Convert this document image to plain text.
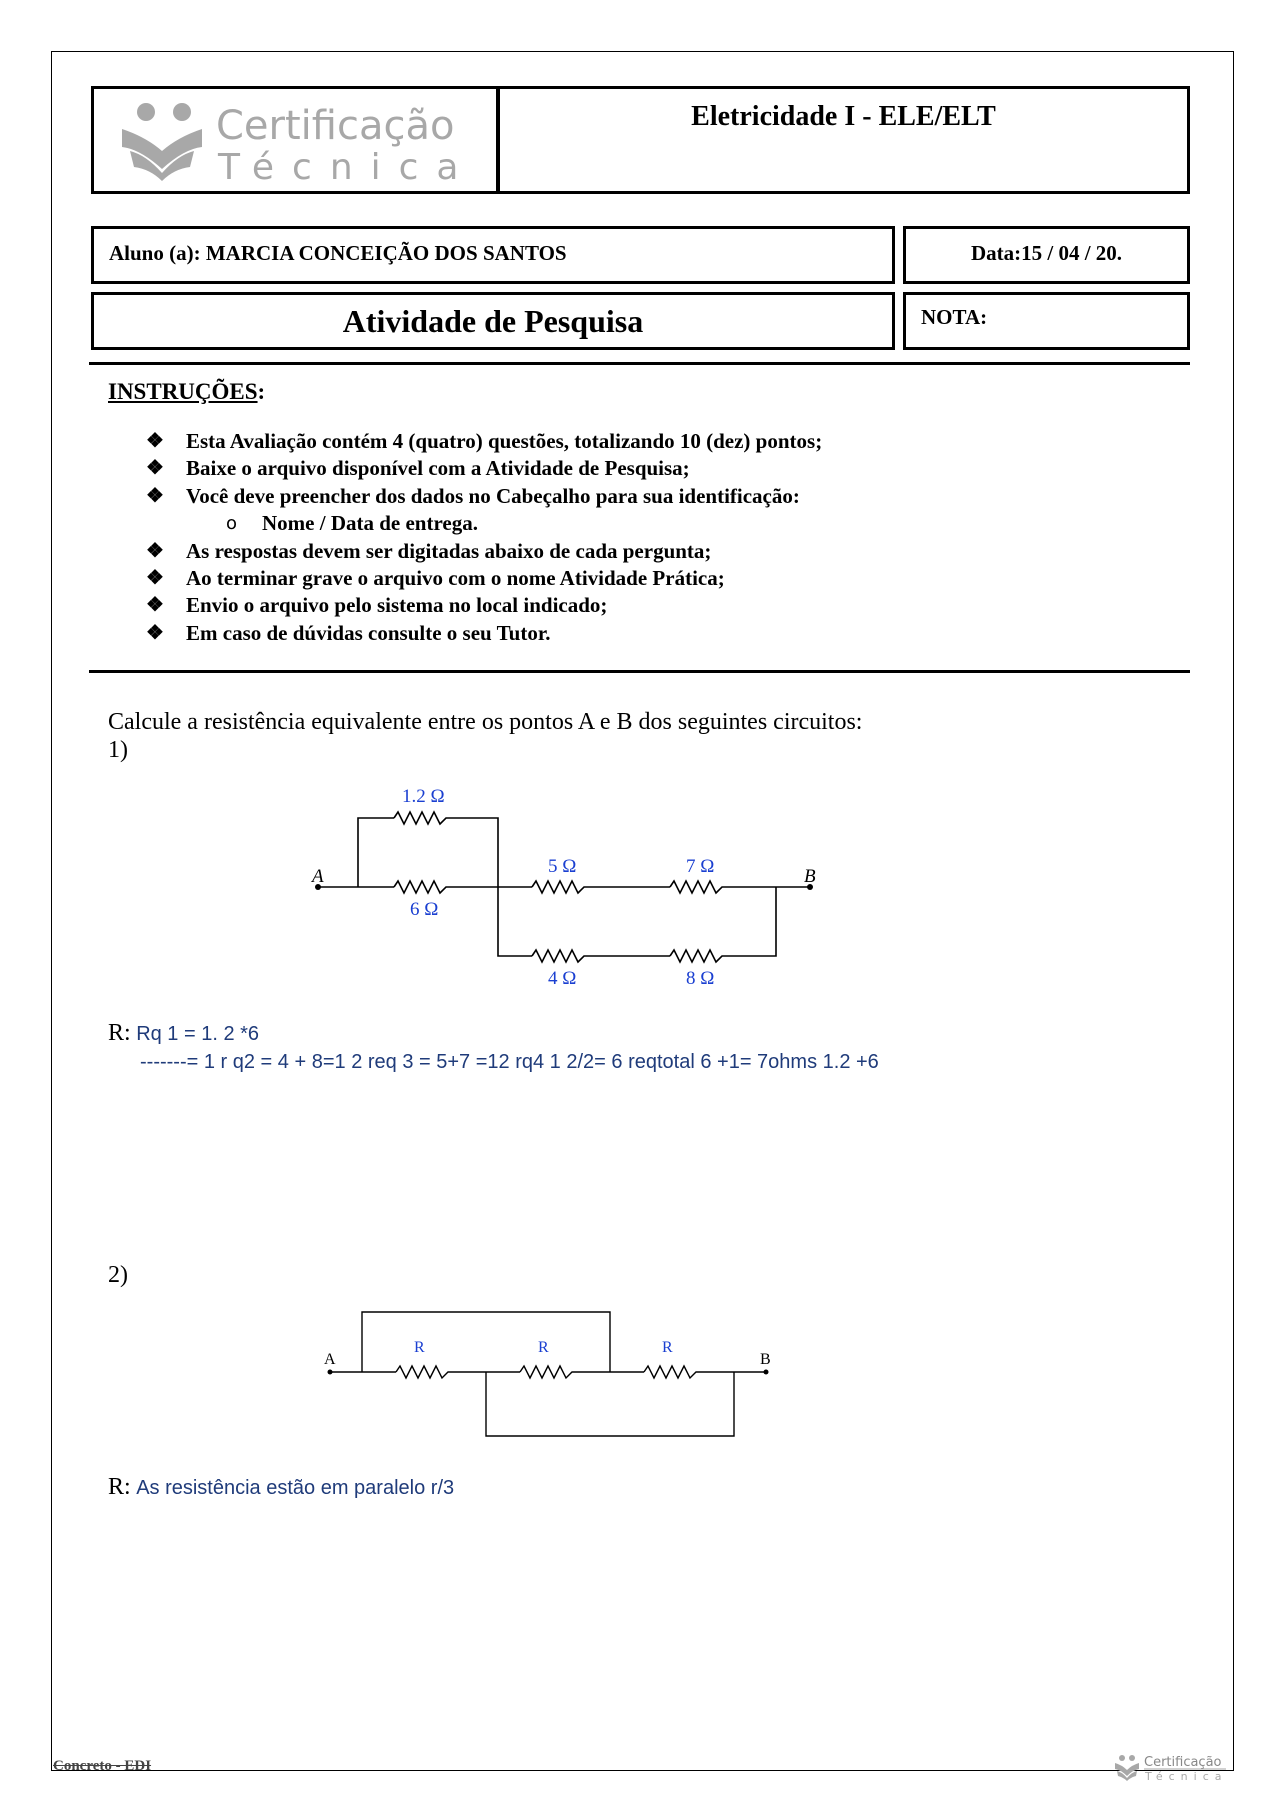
Certificação
Técnica
Eletricidade I - ELE/ELT
Aluno (a): MARCIA CONCEIÇÃO DOS SANTOS	Data:15 / 04 / 20.
Atividade de Pesquisa	NOTA:
INSTRUÇÕES:
❖ Esta Avaliação contém 4 (quatro) questões, totalizando 10 (dez) pontos;
❖ Baixe o arquivo disponível com a Atividade de Pesquisa;
❖ Você deve preencher dos dados no Cabeçalho para sua identificação:
o Nome / Data de entrega.
❖ As respostas devem ser digitadas abaixo de cada pergunta;
❖ Ao terminar grave o arquivo com o nome Atividade Prática;
❖ Envio o arquivo pelo sistema no local indicado;
❖ Em caso de dúvidas consulte o seu Tutor.
Calcule a resistência equivalente entre os pontos A e B dos seguintes circuitos:
1)
1.2 Ω
6 Ω
5 Ω	7 Ω
4 Ω	8 Ω
A	B
R: Rq 1 = 1. 2 *6
-------= 1 r q2 = 4 + 8=1 2 req 3 = 5+7 =12 rq4 1 2/2= 6 reqtotal 6 +1= 7ohms 1.2 +6
2)
R	R	R
A	B
R: As resistência estão em paralelo r/3
Concreto - EDI	Certificação
Técnica
